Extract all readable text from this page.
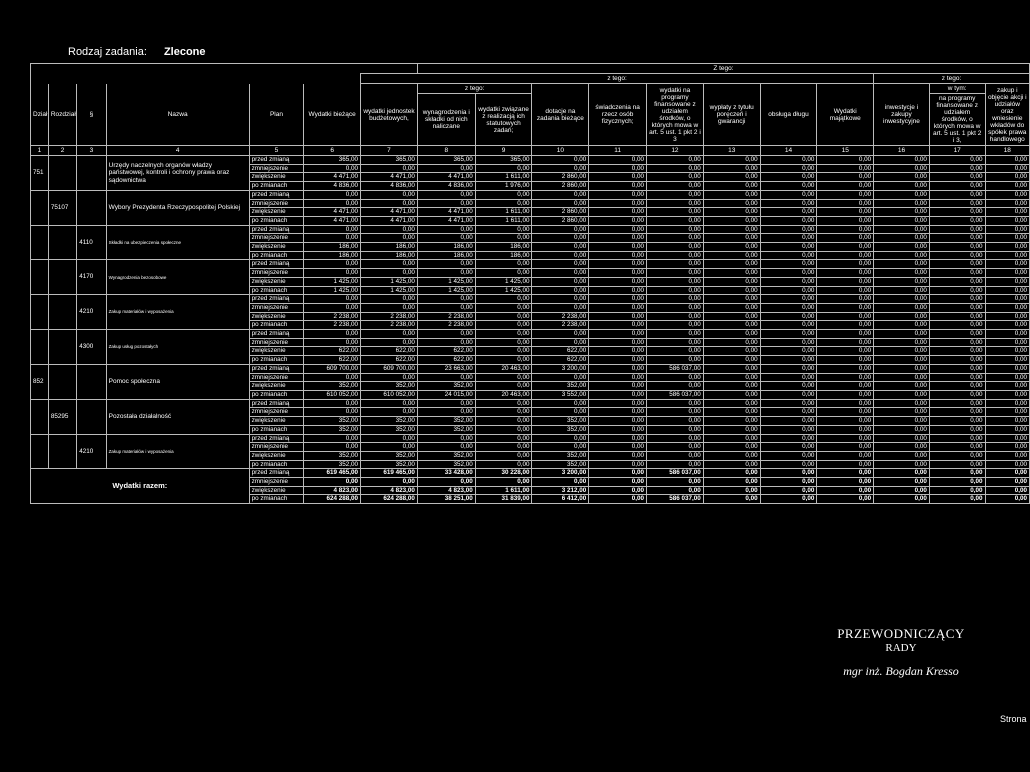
Rodzaj zadania: Zlecone
							Z tego:										
						z tego:									z tego:		
Dział	Rozdział	§	Nazwa	Plan	Wydatki bieżące	wydatki jednostek budżetowych,	z tego:		dotacje na zadania bieżące	świadczenia na rzecz osób fizycznych;	wydatki na programy finansowane z udziałem środków, o których mowa w art. 5 ust. 1 pkt 2 i 3	wypłaty z tytułu poręczeń i gwarancji	obsługa długu	Wydatki majątkowe	inwestycje i zakupy inwestycyjne	w tym:	zakup i objęcie akcji i udziałów oraz wniesienie wkładów do spółek prawa handlowego
							wynagrodzenia i składki od nich naliczane	wydatki związane z realizacją ich statutowych zadań;								na programy finansowane z udziałem środków, o których mowa w art. 5 ust. 1 pkt 2 i 3,	
1	2	3	4	5	6	7	8	9	10	11	12	13	14	15	16	17	18
751			Urzędy naczelnych organów władzy państwowej, kontroli i ochrony prawa oraz sądownictwa	przed zmianą	365,00	365,00	365,00	365,00	0,00	0,00	0,00	0,00	0,00	0,00	0,00	0,00	0,00
				zmniejszenie	0,00	0,00	0,00	0,00	0,00	0,00	0,00	0,00	0,00	0,00	0,00	0,00	0,00
				zwiększenie	4 471,00	4 471,00	4 471,00	1 611,00	2 860,00	0,00	0,00	0,00	0,00	0,00	0,00	0,00	0,00
				po zmianach	4 836,00	4 836,00	4 836,00	1 976,00	2 860,00	0,00	0,00	0,00	0,00	0,00	0,00	0,00	0,00
	75107		Wybory Prezydenta Rzeczypospolitej Polskiej	przed zmianą	0,00	0,00	0,00	0,00	0,00	0,00	0,00	0,00	0,00	0,00	0,00	0,00	0,00
				zmniejszenie	0,00	0,00	0,00	0,00	0,00	0,00	0,00	0,00	0,00	0,00	0,00	0,00	0,00
				zwiększenie	4 471,00	4 471,00	4 471,00	1 611,00	2 860,00	0,00	0,00	0,00	0,00	0,00	0,00	0,00	0,00
				po zmianach	4 471,00	4 471,00	4 471,00	1 611,00	2 860,00	0,00	0,00	0,00	0,00	0,00	0,00	0,00	0,00
		4110	Składki na ubezpieczenia społeczne	przed zmianą	0,00	0,00	0,00	0,00	0,00	0,00	0,00	0,00	0,00	0,00	0,00	0,00	0,00
				zmniejszenie	0,00	0,00	0,00	0,00	0,00	0,00	0,00	0,00	0,00	0,00	0,00	0,00	0,00
				zwiększenie	186,00	186,00	186,00	186,00	0,00	0,00	0,00	0,00	0,00	0,00	0,00	0,00	0,00
				po zmianach	186,00	186,00	186,00	186,00	0,00	0,00	0,00	0,00	0,00	0,00	0,00	0,00	0,00
		4170	Wynagrodzenia bezosobowe	przed zmianą	0,00	0,00	0,00	0,00	0,00	0,00	0,00	0,00	0,00	0,00	0,00	0,00	0,00
				zmniejszenie	0,00	0,00	0,00	0,00	0,00	0,00	0,00	0,00	0,00	0,00	0,00	0,00	0,00
				zwiększenie	1 425,00	1 425,00	1 425,00	1 425,00	0,00	0,00	0,00	0,00	0,00	0,00	0,00	0,00	0,00
				po zmianach	1 425,00	1 425,00	1 425,00	1 425,00	0,00	0,00	0,00	0,00	0,00	0,00	0,00	0,00	0,00
		4210	Zakup materiałów i wyposażenia	przed zmianą	0,00	0,00	0,00	0,00	0,00	0,00	0,00	0,00	0,00	0,00	0,00	0,00	0,00
				zmniejszenie	0,00	0,00	0,00	0,00	0,00	0,00	0,00	0,00	0,00	0,00	0,00	0,00	0,00
				zwiększenie	2 238,00	2 238,00	2 238,00	0,00	2 238,00	0,00	0,00	0,00	0,00	0,00	0,00	0,00	0,00
				po zmianach	2 238,00	2 238,00	2 238,00	0,00	2 238,00	0,00	0,00	0,00	0,00	0,00	0,00	0,00	0,00
		4300	Zakup usług pozostałych	przed zmianą	0,00	0,00	0,00	0,00	0,00	0,00	0,00	0,00	0,00	0,00	0,00	0,00	0,00
				zmniejszenie	0,00	0,00	0,00	0,00	0,00	0,00	0,00	0,00	0,00	0,00	0,00	0,00	0,00
				zwiększenie	622,00	622,00	622,00	0,00	622,00	0,00	0,00	0,00	0,00	0,00	0,00	0,00	0,00
				po zmianach	622,00	622,00	622,00	0,00	622,00	0,00	0,00	0,00	0,00	0,00	0,00	0,00	0,00
852			Pomoc społeczna	przed zmianą	609 700,00	609 700,00	23 663,00	20 463,00	3 200,00	0,00	586 037,00	0,00	0,00	0,00	0,00	0,00	0,00
				zmniejszenie	0,00	0,00	0,00	0,00	0,00	0,00	0,00	0,00	0,00	0,00	0,00	0,00	0,00
				zwiększenie	352,00	352,00	352,00	0,00	352,00	0,00	0,00	0,00	0,00	0,00	0,00	0,00	0,00
				po zmianach	610 052,00	610 052,00	24 015,00	20 463,00	3 552,00	0,00	586 037,00	0,00	0,00	0,00	0,00	0,00	0,00
	85295		Pozostała działalność	przed zmianą	0,00	0,00	0,00	0,00	0,00	0,00	0,00	0,00	0,00	0,00	0,00	0,00	0,00
				zmniejszenie	0,00	0,00	0,00	0,00	0,00	0,00	0,00	0,00	0,00	0,00	0,00	0,00	0,00
				zwiększenie	352,00	352,00	352,00	0,00	352,00	0,00	0,00	0,00	0,00	0,00	0,00	0,00	0,00
				po zmianach	352,00	352,00	352,00	0,00	352,00	0,00	0,00	0,00	0,00	0,00	0,00	0,00	0,00
		4210	Zakup materiałów i wyposażenia	przed zmianą	0,00	0,00	0,00	0,00	0,00	0,00	0,00	0,00	0,00	0,00	0,00	0,00	0,00
				zmniejszenie	0,00	0,00	0,00	0,00	0,00	0,00	0,00	0,00	0,00	0,00	0,00	0,00	0,00
				zwiększenie	352,00	352,00	352,00	0,00	352,00	0,00	0,00	0,00	0,00	0,00	0,00	0,00	0,00
				po zmianach	352,00	352,00	352,00	0,00	352,00	0,00	0,00	0,00	0,00	0,00	0,00	0,00	0,00
Wydatki razem:				przed zmianą	619 465,00	619 465,00	33 428,00	30 228,00	3 200,00	0,00	586 037,00	0,00	0,00	0,00	0,00	0,00	0,00
				zmniejszenie	0,00	0,00	0,00	0,00	0,00	0,00	0,00	0,00	0,00	0,00	0,00	0,00	0,00
				zwiększenie	4 823,00	4 823,00	4 823,00	1 611,00	3 212,00	0,00	0,00	0,00	0,00	0,00	0,00	0,00	0,00
				po zmianach	624 288,00	624 288,00	38 251,00	31 839,00	6 412,00	0,00	586 037,00	0,00	0,00	0,00	0,00	0,00	0,00
PRZEWODNICZĄCY
RADY
mgr inż. Bogdan Kresso
Strona
